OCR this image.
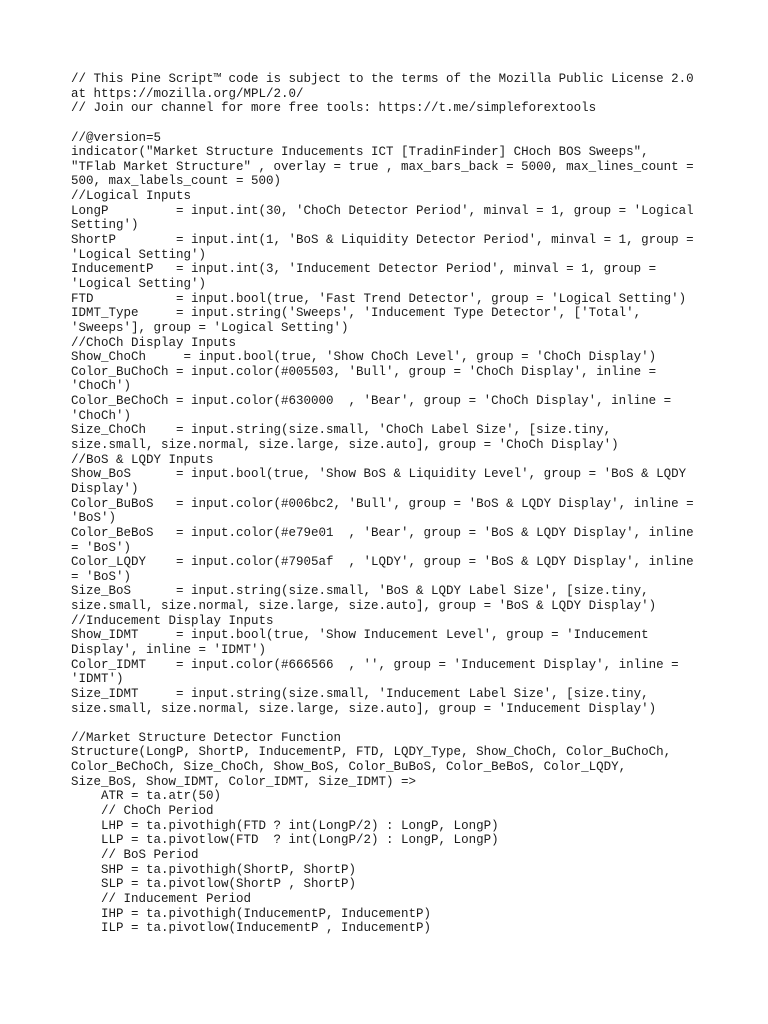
// This Pine Script™ code is subject to the terms of the Mozilla Public License 2.0
at https://mozilla.org/MPL/2.0/
// Join our channel for more free tools: https://t.me/simpleforextools
//@version=5
indicator("Market Structure Inducements ICT [TradinFinder] CHoch BOS Sweeps",
"TFlab Market Structure" , overlay = true , max_bars_back = 5000, max_lines_count =
500, max_labels_count = 500)
//Logical Inputs
LongP         = input.int(30, 'ChoCh Detector Period', minval = 1, group = 'Logical
Setting')
ShortP        = input.int(1, 'BoS & Liquidity Detector Period', minval = 1, group =
'Logical Setting')
InducementP   = input.int(3, 'Inducement Detector Period', minval = 1, group =
'Logical Setting')
FTD           = input.bool(true, 'Fast Trend Detector', group = 'Logical Setting')
IDMT_Type     = input.string('Sweeps', 'Inducement Type Detector', ['Total',
'Sweeps'], group = 'Logical Setting')
//ChoCh Display Inputs
Show_ChoCh     = input.bool(true, 'Show ChoCh Level', group = 'ChoCh Display')
Color_BuChoCh = input.color(#005503, 'Bull', group = 'ChoCh Display', inline =
'ChoCh')
Color_BeChoCh = input.color(#630000  , 'Bear', group = 'ChoCh Display', inline =
'ChoCh')
Size_ChoCh    = input.string(size.small, 'ChoCh Label Size', [size.tiny,
size.small, size.normal, size.large, size.auto], group = 'ChoCh Display')
//BoS & LQDY Inputs
Show_BoS      = input.bool(true, 'Show BoS & Liquidity Level', group = 'BoS & LQDY
Display')
Color_BuBoS   = input.color(#006bc2, 'Bull', group = 'BoS & LQDY Display', inline =
'BoS')
Color_BeBoS   = input.color(#e79e01  , 'Bear', group = 'BoS & LQDY Display', inline
= 'BoS')
Color_LQDY    = input.color(#7905af  , 'LQDY', group = 'BoS & LQDY Display', inline
= 'BoS')
Size_BoS      = input.string(size.small, 'BoS & LQDY Label Size', [size.tiny,
size.small, size.normal, size.large, size.auto], group = 'BoS & LQDY Display')
//Inducement Display Inputs
Show_IDMT     = input.bool(true, 'Show Inducement Level', group = 'Inducement
Display', inline = 'IDMT')
Color_IDMT    = input.color(#666566  , '', group = 'Inducement Display', inline =
'IDMT')
Size_IDMT     = input.string(size.small, 'Inducement Label Size', [size.tiny,
size.small, size.normal, size.large, size.auto], group = 'Inducement Display')
//Market Structure Detector Function
Structure(LongP, ShortP, InducementP, FTD, LQDY_Type, Show_ChoCh, Color_BuChoCh,
Color_BeChoCh, Size_ChoCh, Show_BoS, Color_BuBoS, Color_BeBoS, Color_LQDY,
Size_BoS, Show_IDMT, Color_IDMT, Size_IDMT) =>
ATR = ta.atr(50)
// ChoCh Period
LHP = ta.pivothigh(FTD ? int(LongP/2) : LongP, LongP)
LLP = ta.pivotlow(FTD  ? int(LongP/2) : LongP, LongP)
// BoS Period
SHP = ta.pivothigh(ShortP, ShortP)
SLP = ta.pivotlow(ShortP , ShortP)
// Inducement Period
IHP = ta.pivothigh(InducementP, InducementP)
ILP = ta.pivotlow(InducementP , InducementP)
